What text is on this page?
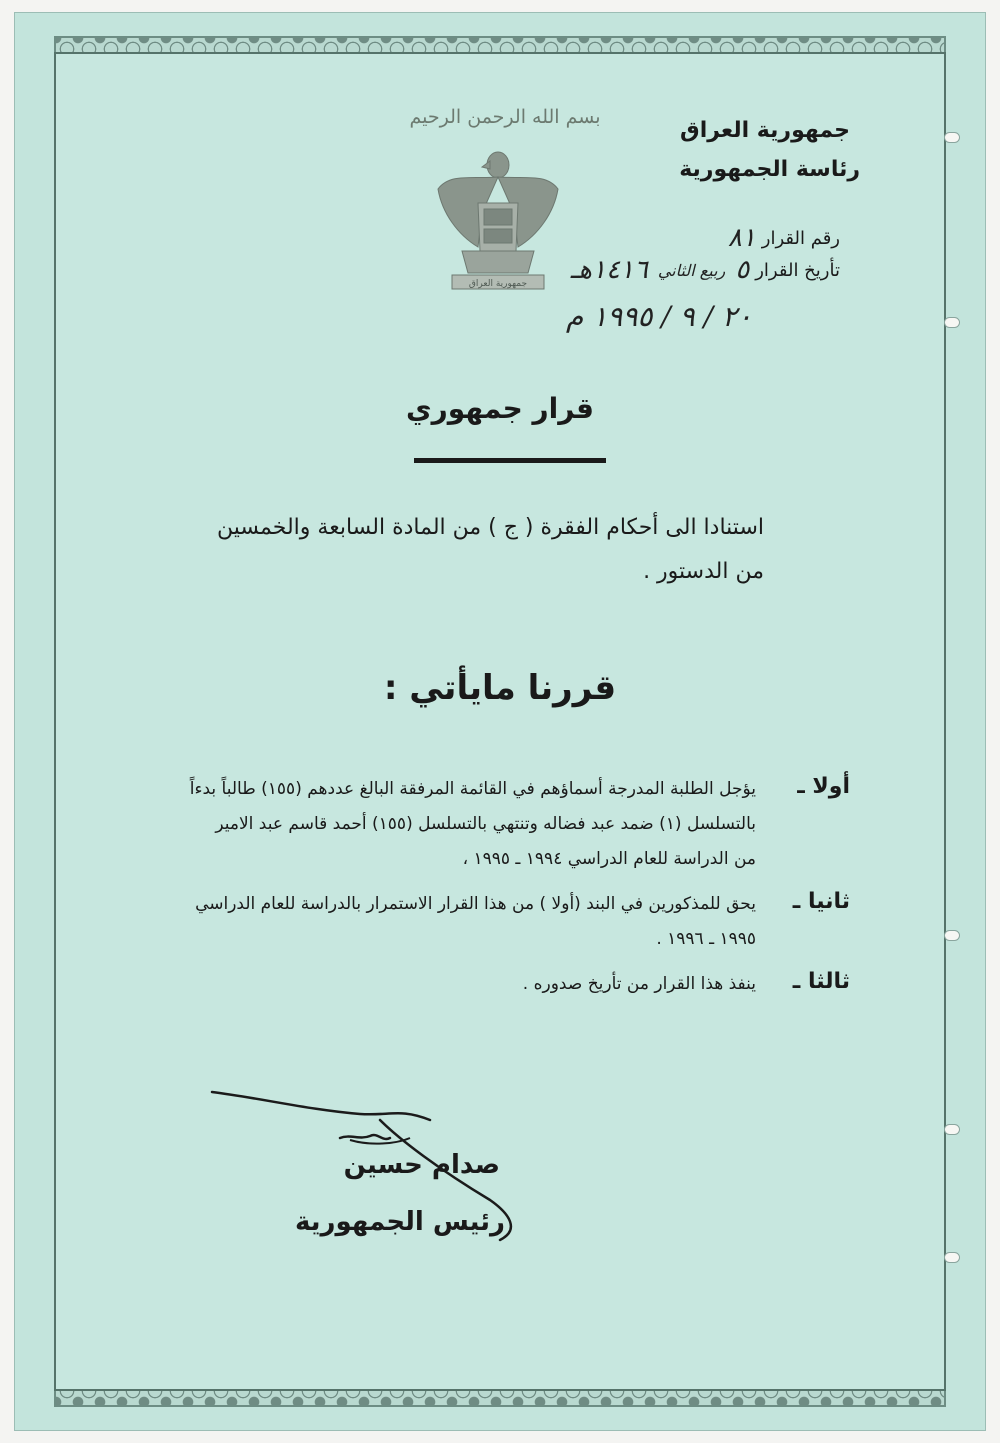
بسم الله الرحمن الرحيم
جمهورية العراق
جمهورية العراق
رئاسة الجمهورية
رقم القرار
٨١
تأريخ القرار
٥
ربيع الثاني
١٤١٦هـ
٢٠ / ٩ / ١٩٩٥ م
قرار جمهوري
استنادا الى أحكام الفقرة ( ج ) من المادة السابعة والخمسين
من الدستور .
قررنا مايأتي :
أولا ـ
يؤجل الطلبة المدرجة أسماؤهم في القائمة المرفقة البالغ عددهم (١٥٥) طالباً بدءاً
بالتسلسل (١) ضمد عبد فضاله وتنتهي بالتسلسل (١٥٥) أحمد قاسم عبد الامير
من الدراسة للعام الدراسي ١٩٩٤ ـ ١٩٩٥ ،
ثانيا ـ
يحق للمذكورين في البند (أولا ) من هذا القرار الاستمرار بالدراسة للعام الدراسي
١٩٩٥ ـ ١٩٩٦ .
ثالثا ـ
ينفذ هذا القرار من تأريخ صدوره .
صدام حسين
رئيس الجمهورية
